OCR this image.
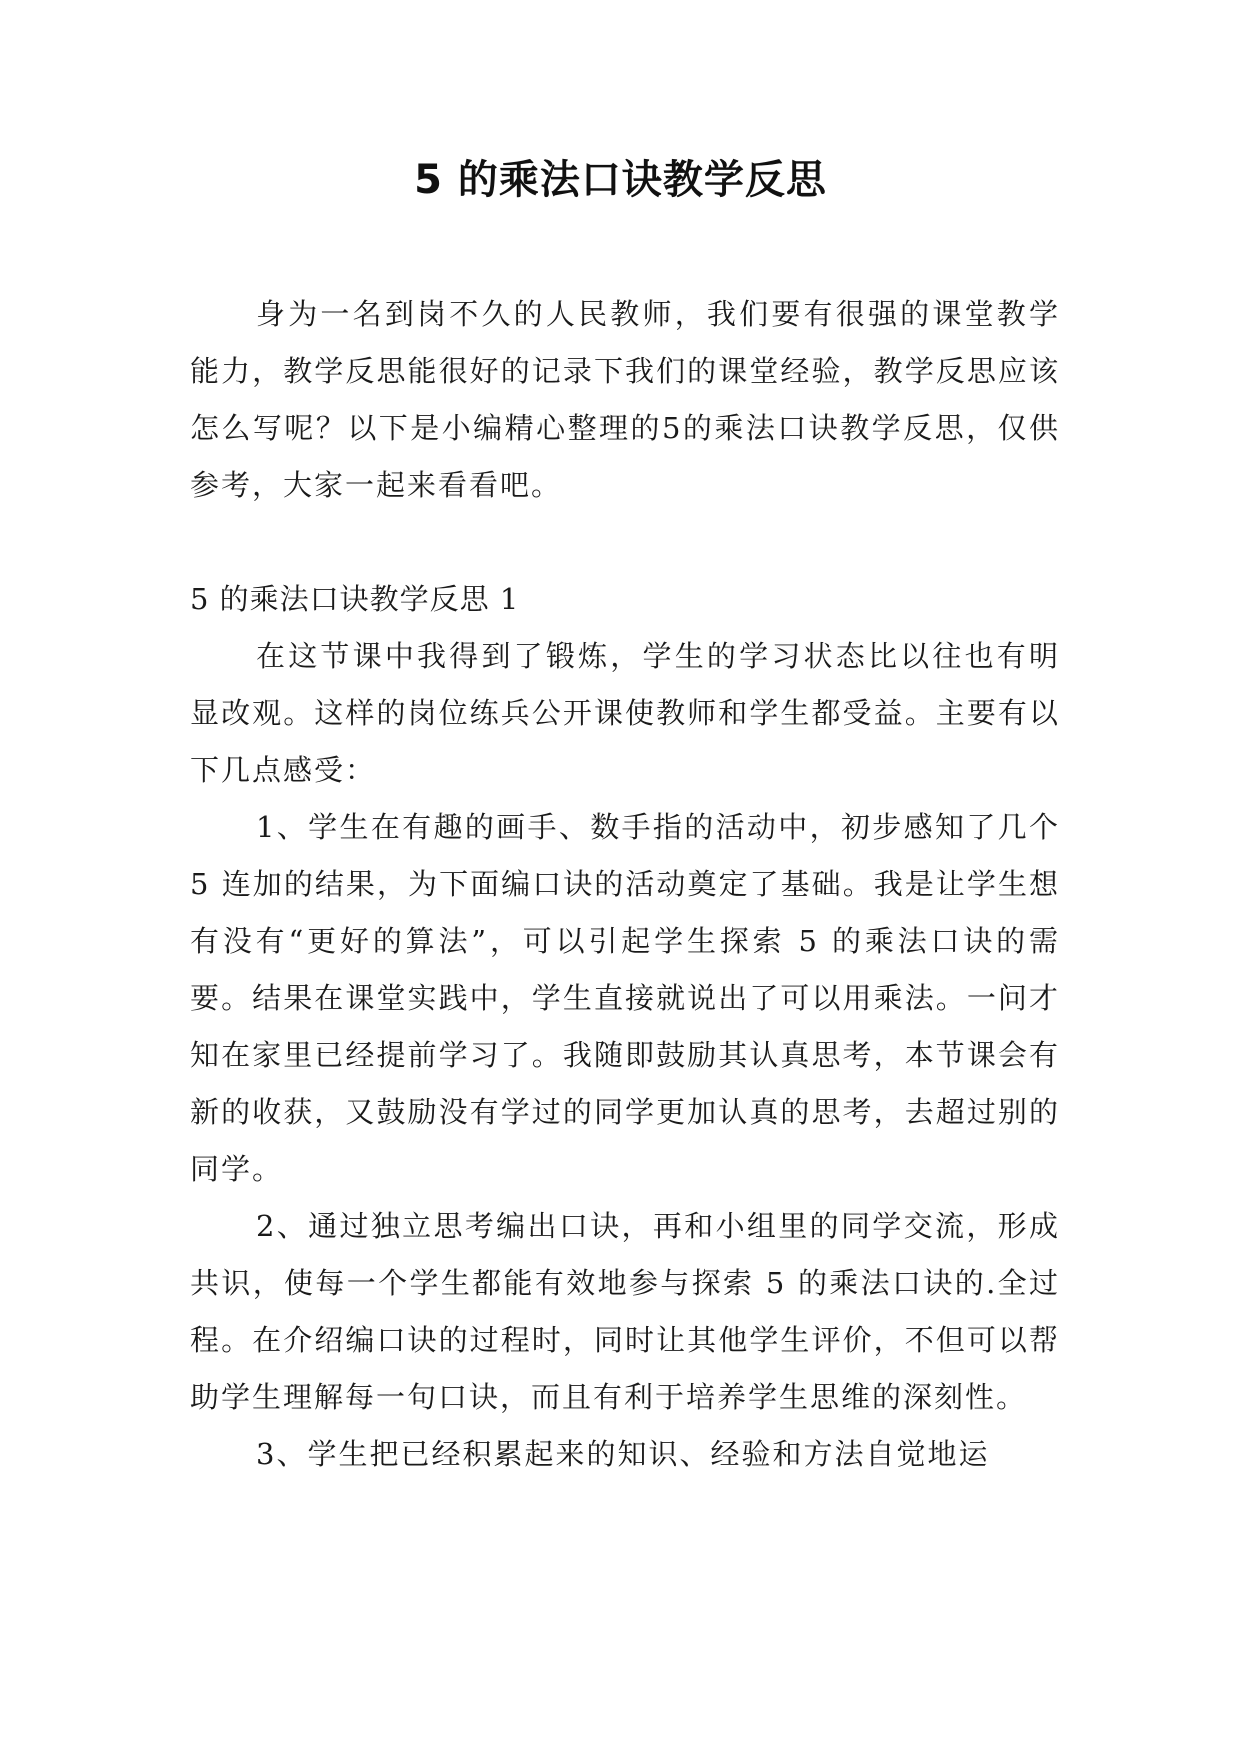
5 的乘法口诀教学反思

身为一名到岗不久的人民教师，我们要有很强的课堂教学能力，教学反思能很好的记录下我们的课堂经验，教学反思应该怎么写呢？以下是小编精心整理的5的乘法口诀教学反思，仅供参考，大家一起来看看吧。

5 的乘法口诀教学反思 1

在这节课中我得到了锻炼，学生的学习状态比以往也有明显改观。这样的岗位练兵公开课使教师和学生都受益。主要有以下几点感受：

1、学生在有趣的画手、数手指的活动中，初步感知了几个 5 连加的结果，为下面编口诀的活动奠定了基础。我是让学生想有没有“更好的算法”，可以引起学生探索 5 的乘法口诀的需要。结果在课堂实践中，学生直接就说出了可以用乘法。一问才知在家里已经提前学习了。我随即鼓励其认真思考，本节课会有新的收获，又鼓励没有学过的同学更加认真的思考，去超过别的同学。

2、通过独立思考编出口诀，再和小组里的同学交流，形成共识，使每一个学生都能有效地参与探索 5 的乘法口诀的.全过程。在介绍编口诀的过程时，同时让其他学生评价，不但可以帮助学生理解每一句口诀，而且有利于培养学生思维的深刻性。

3、学生把已经积累起来的知识、经验和方法自觉地运
